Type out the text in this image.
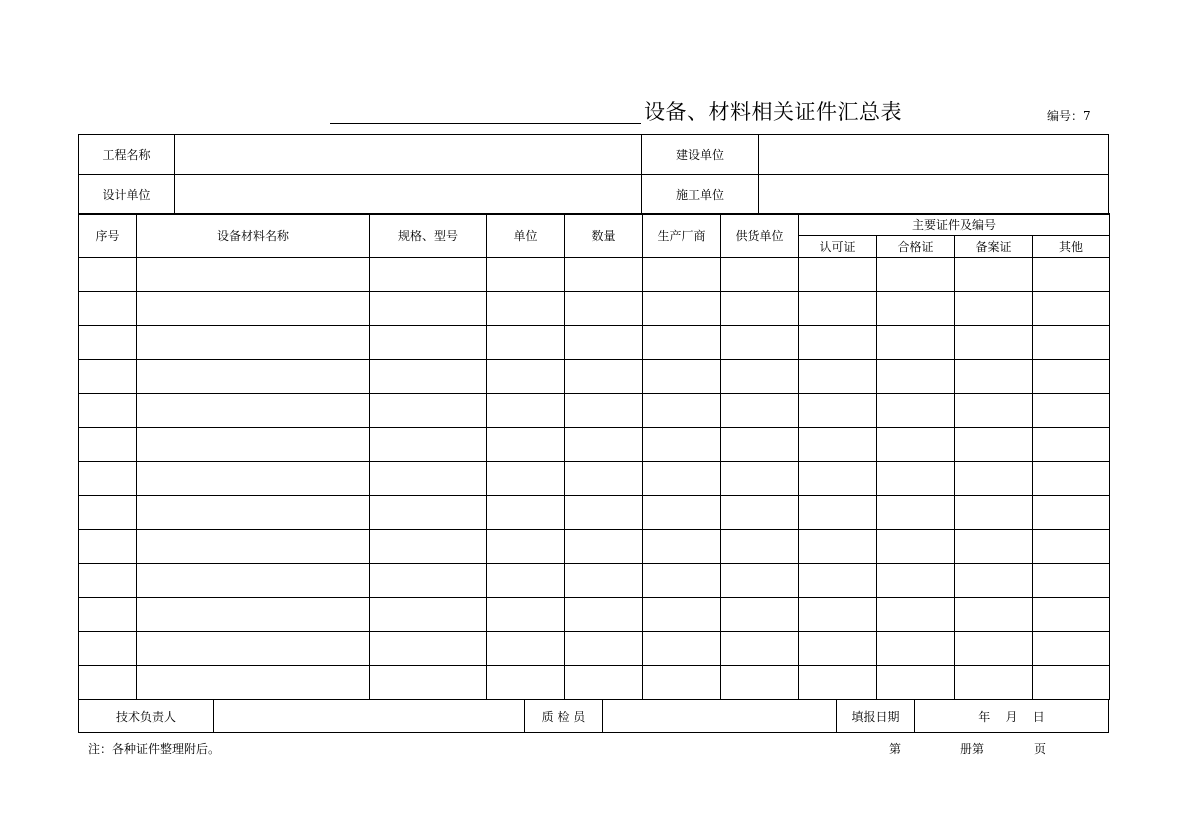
设备、材料相关证件汇总表	编号：7
工程名称	建设单位
设计单位	施工单位
序号	设备材料名称	规格、型号	单位	数量	生产厂商	供货单位	主要证件及编号			
							认可证	合格证	备案证	其他

技术负责人	质 检 员	填报日期	年    月    日
注：各种证件整理附后。	第	册第	页
